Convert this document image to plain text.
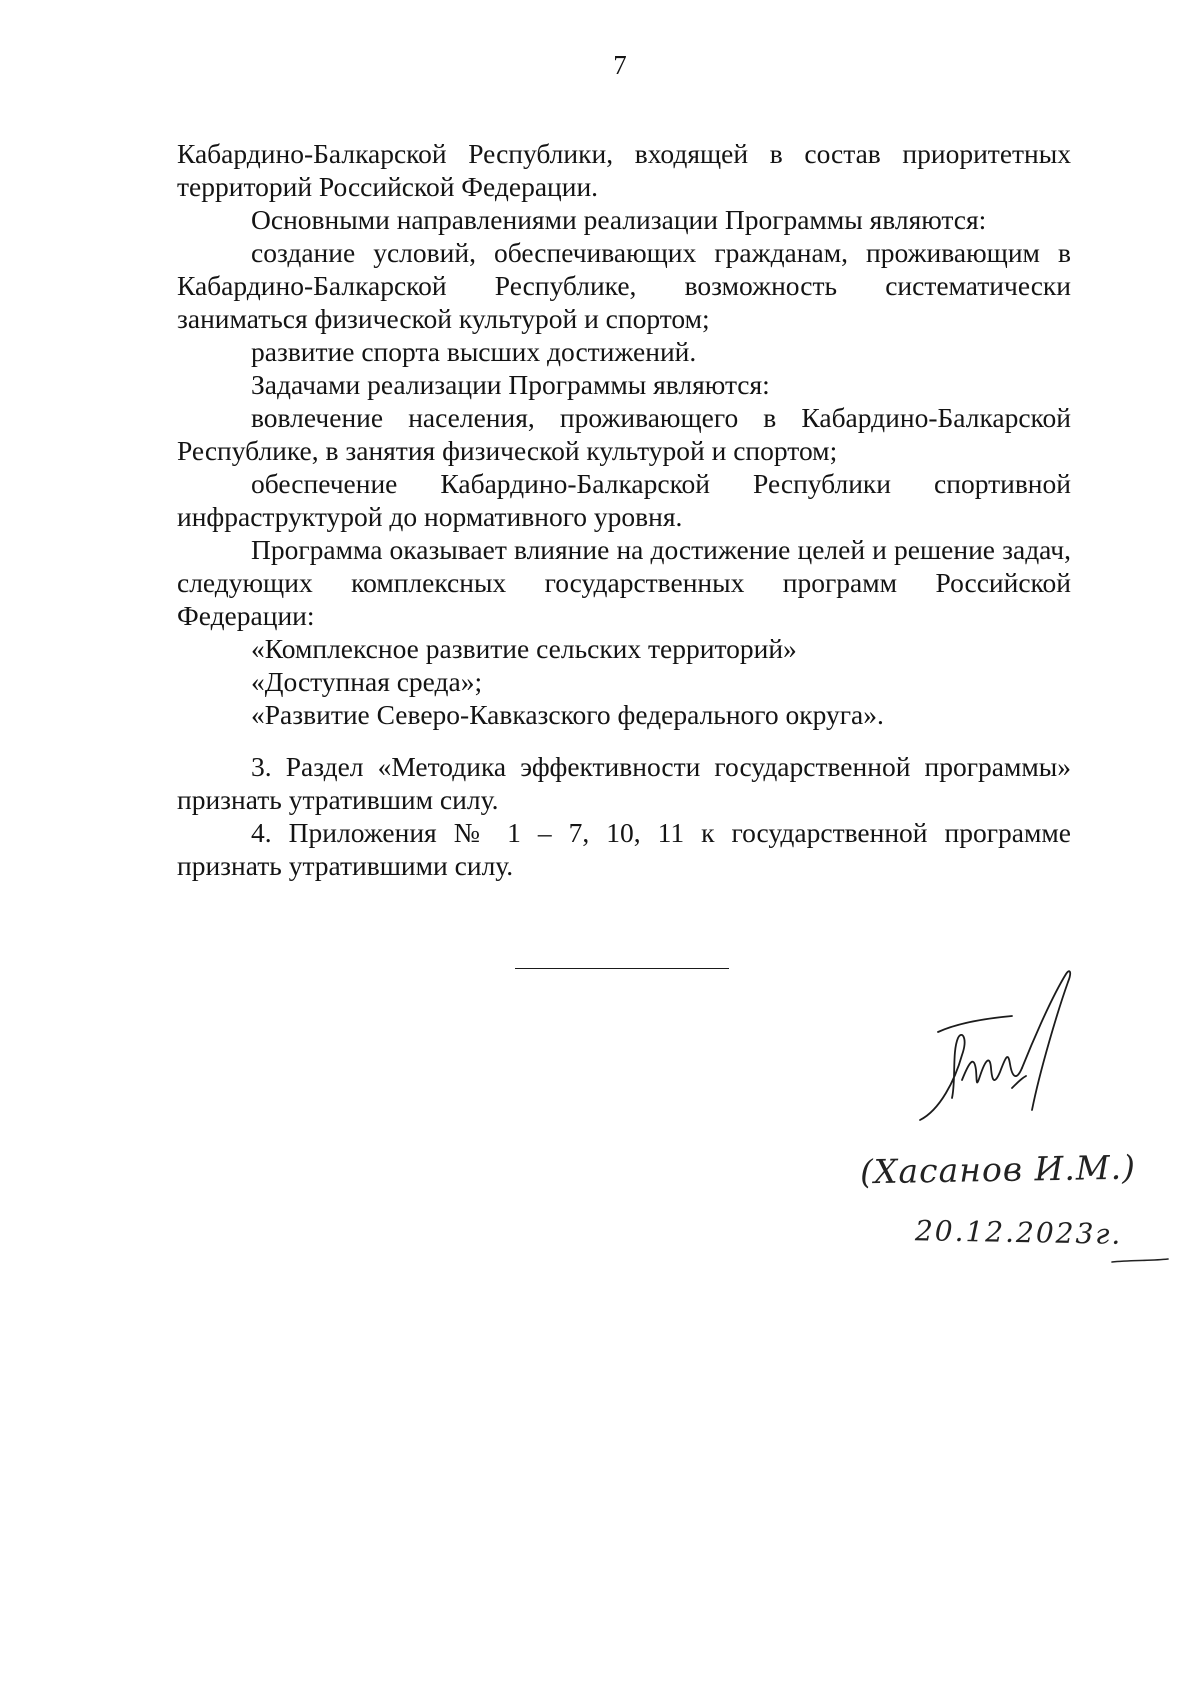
7

Кабардино-Балкарской Республики, входящей в состав приоритетных территорий Российской Федерации.

Основными направлениями реализации Программы являются:

создание условий, обеспечивающих гражданам, проживающим в Кабардино-Балкарской Республике, возможность систематически заниматься физической культурой и спортом;

развитие спорта высших достижений.

Задачами реализации Программы являются:

вовлечение населения, проживающего в Кабардино-Балкарской Республике, в занятия физической культурой и спортом;

обеспечение Кабардино-Балкарской Республики спортивной инфраструктурой до нормативного уровня.

Программа оказывает влияние на достижение целей и решение задач, следующих комплексных государственных программ Российской Федерации:

«Комплексное развитие сельских территорий»

«Доступная среда»;

«Развитие Северо-Кавказского федерального округа».

3. Раздел «Методика эффективности государственной программы» признать утратившим силу.

4. Приложения № 1 – 7, 10, 11 к государственной программе признать утратившими силу.

(Хасанов И.М.)
20.12.2023г.
